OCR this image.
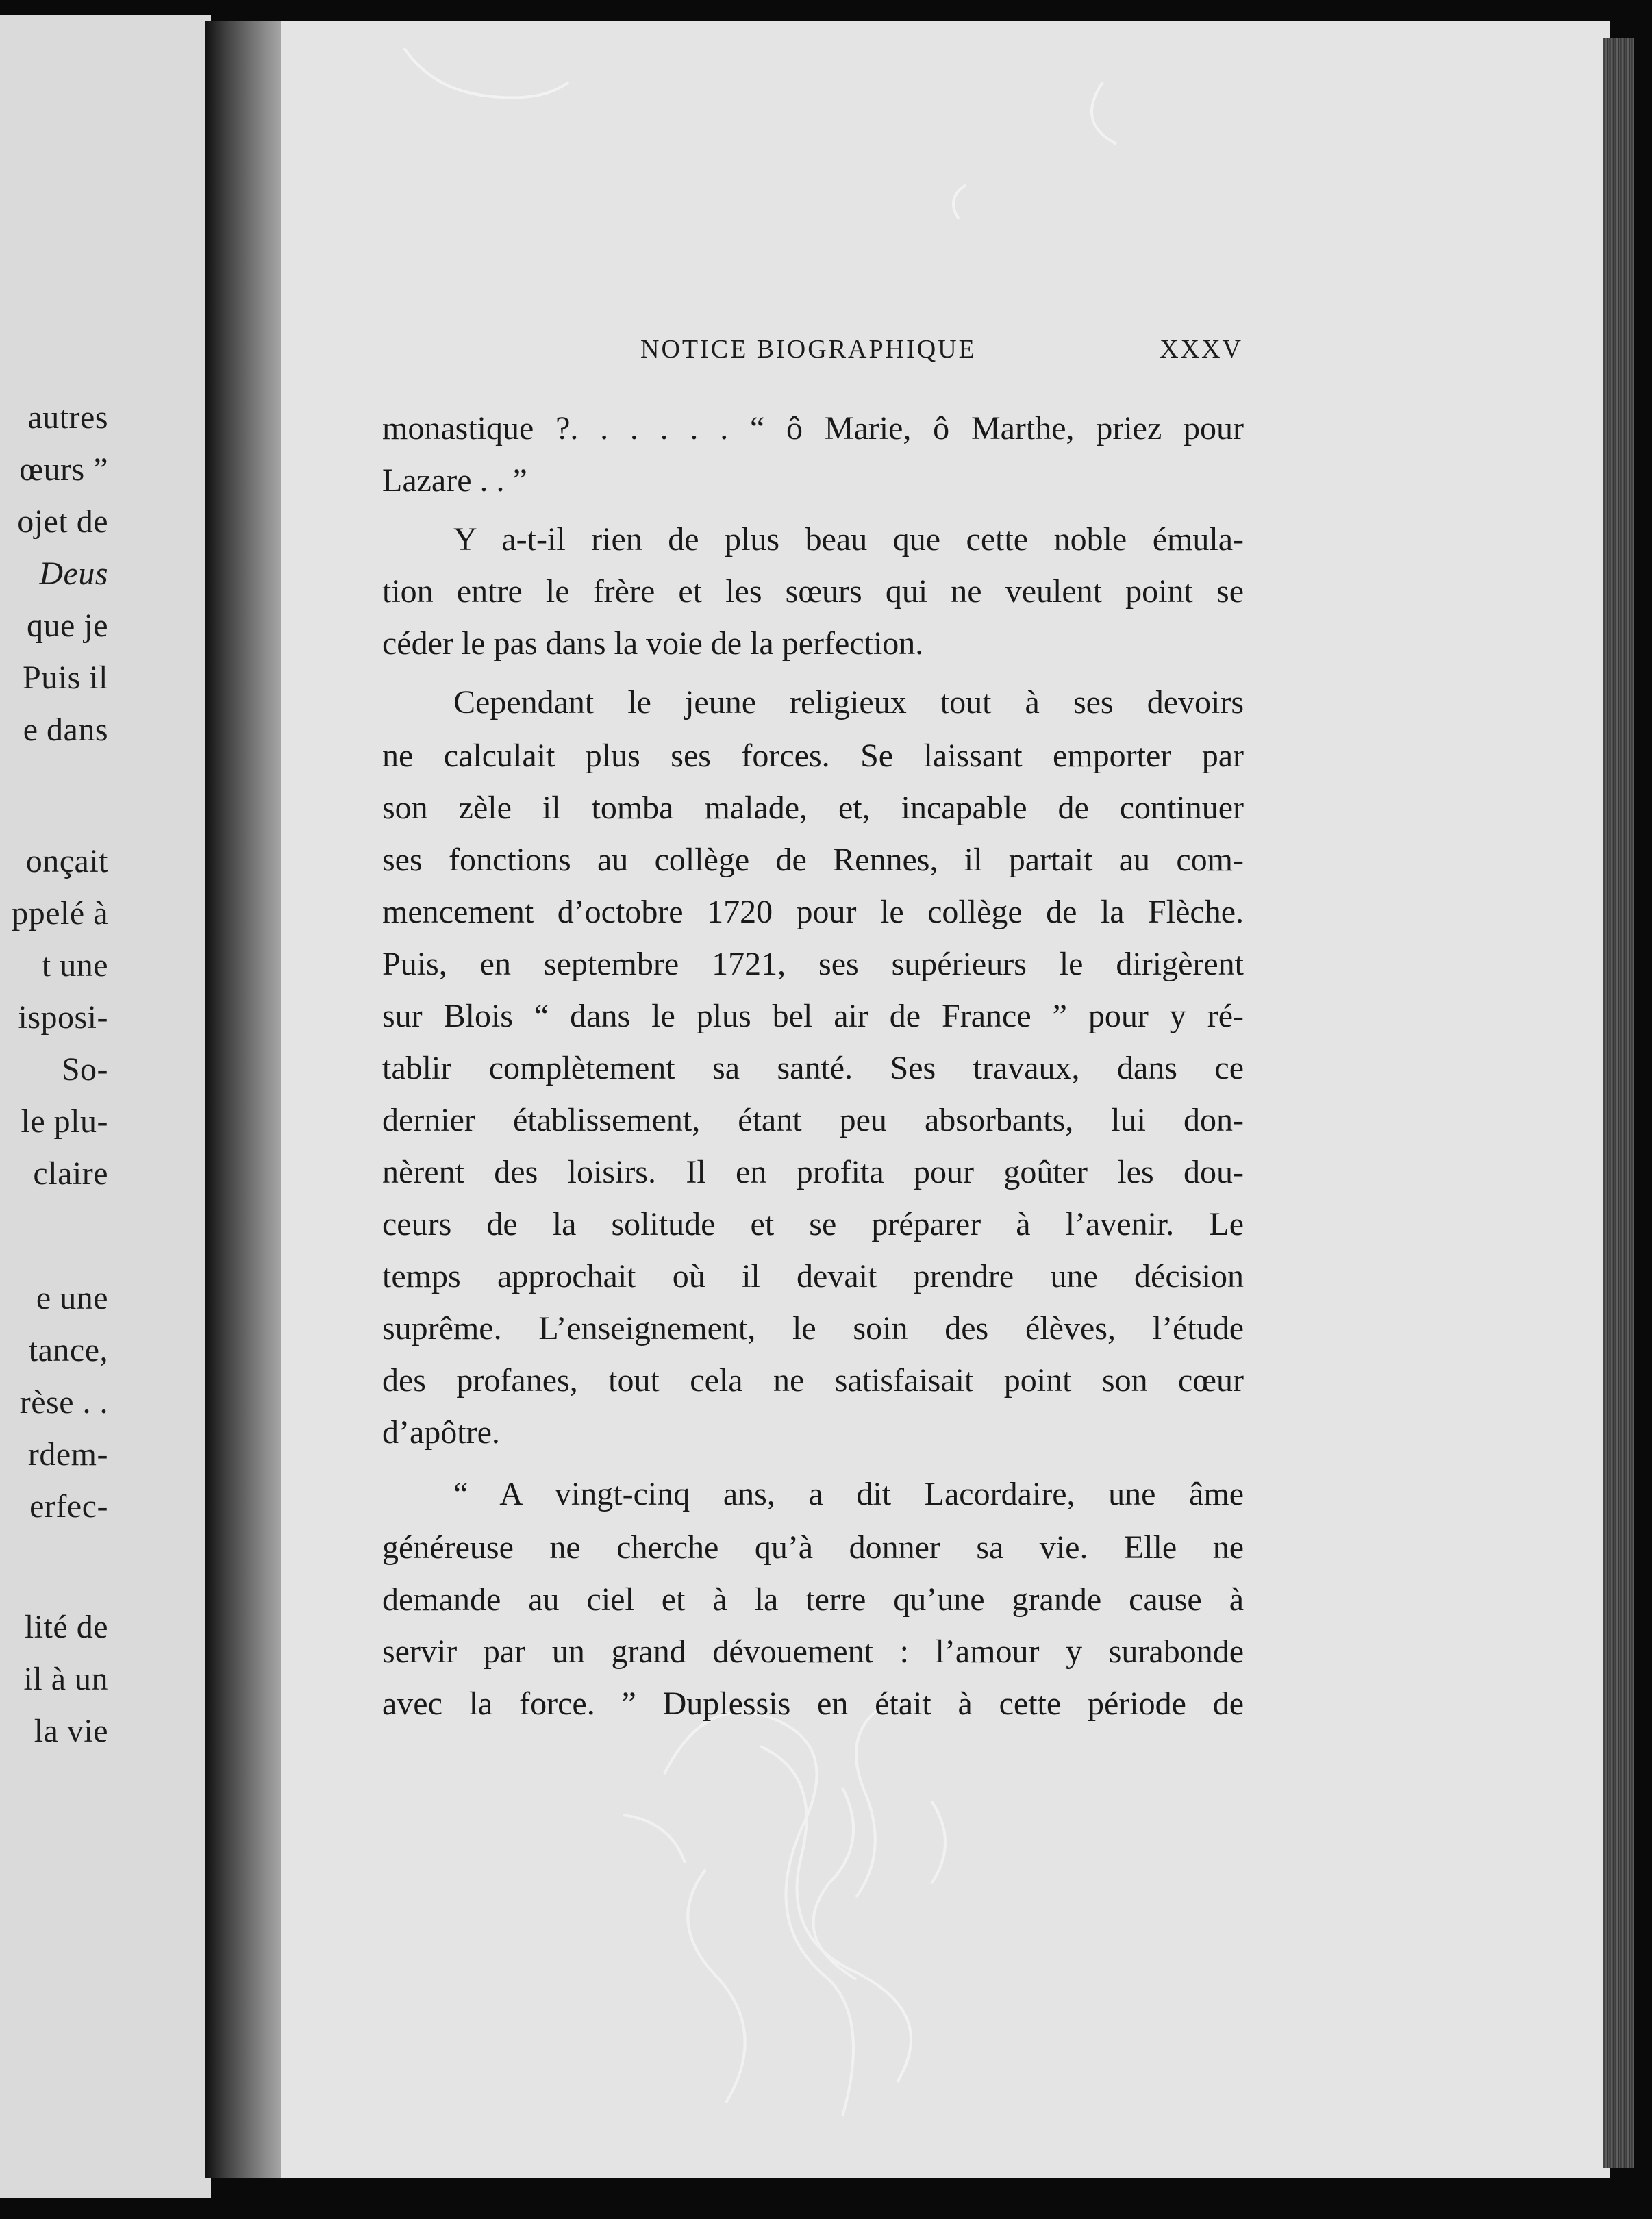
autres
œurs ”
ojet de
Deus
que je
Puis il
e dans
onçait
ppelé à
t une
isposi-
So-
le plu-
claire
e une
tance,
rèse . .
rdem-
erfec-
lité de
il à un
la vie
NOTICE BIOGRAPHIQUE	XXXV
monastique ?. . . . . . “ ô Marie, ô Marthe, priez pour
Lazare . . ”
Y a-t-il rien de plus beau que cette noble émula-
tion entre le frère et les sœurs qui ne veulent point se
céder le pas dans la voie de la perfection.
Cependant le jeune religieux tout à ses devoirs
ne calculait plus ses forces. Se laissant emporter par
son zèle il tomba malade, et, incapable de continuer
ses fonctions au collège de Rennes, il partait au com-
mencement d’octobre 1720 pour le collège de la Flèche.
Puis, en septembre 1721, ses supérieurs le dirigèrent
sur Blois “ dans le plus bel air de France ” pour y ré-
tablir complètement sa santé. Ses travaux, dans ce
dernier établissement, étant peu absorbants, lui don-
nèrent des loisirs. Il en profita pour goûter les dou-
ceurs de la solitude et se préparer à l’avenir. Le
temps approchait où il devait prendre une décision
suprême. L’enseignement, le soin des élèves, l’étude
des profanes, tout cela ne satisfaisait point son cœur
d’apôtre.
“ A vingt-cinq ans, a dit Lacordaire, une âme
généreuse ne cherche qu’à donner sa vie. Elle ne
demande au ciel et à la terre qu’une grande cause à
servir par un grand dévouement : l’amour y surabonde
avec la force. ” Duplessis en était à cette période de
